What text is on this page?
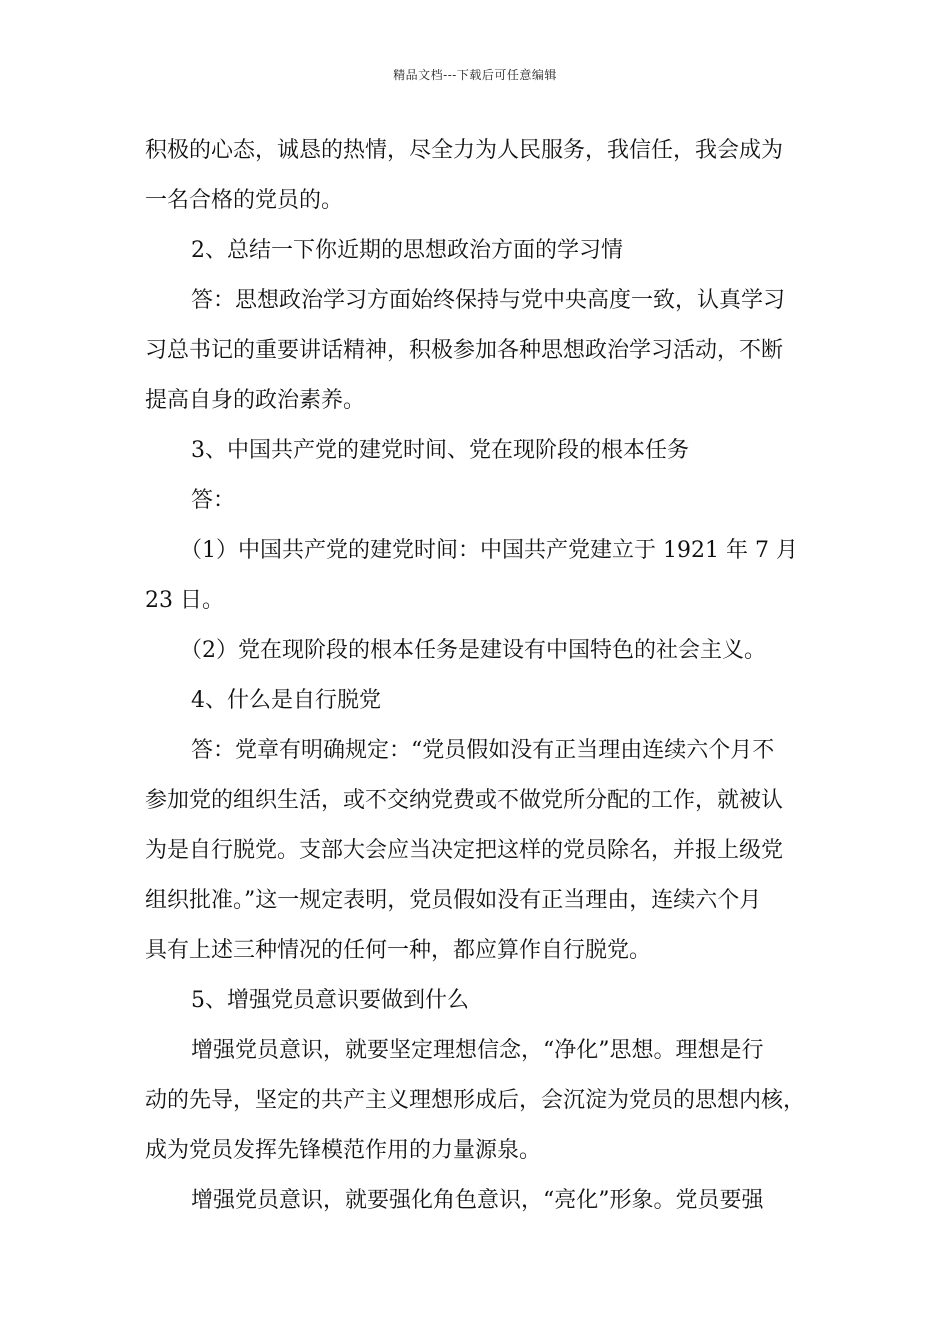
精品文档---下载后可任意编辑
积极的心态，诚恳的热情，尽全力为人民服务，我信任，我会成为
一名合格的党员的。
2、总结一下你近期的思想政治方面的学习情
答：思想政治学习方面始终保持与党中央高度一致，认真学习
习总书记的重要讲话精神，积极参加各种思想政治学习活动，不断
提高自身的政治素养。
3、中国共产党的建党时间、党在现阶段的根本任务
答：
（1）中国共产党的建党时间：中国共产党建立于 1921 年 7 月
23 日。
（2）党在现阶段的根本任务是建设有中国特色的社会主义。
4、什么是自行脱党
答：党章有明确规定：“党员假如没有正当理由连续六个月不
参加党的组织生活，或不交纳党费或不做党所分配的工作，就被认
为是自行脱党。支部大会应当决定把这样的党员除名，并报上级党
组织批准。”这一规定表明，党员假如没有正当理由，连续六个月
具有上述三种情况的任何一种，都应算作自行脱党。
5、增强党员意识要做到什么
增强党员意识，就要坚定理想信念，“净化”思想。理想是行
动的先导，坚定的共产主义理想形成后，会沉淀为党员的思想内核，
成为党员发挥先锋模范作用的力量源泉。
增强党员意识，就要强化角色意识，“亮化”形象。党员要强
